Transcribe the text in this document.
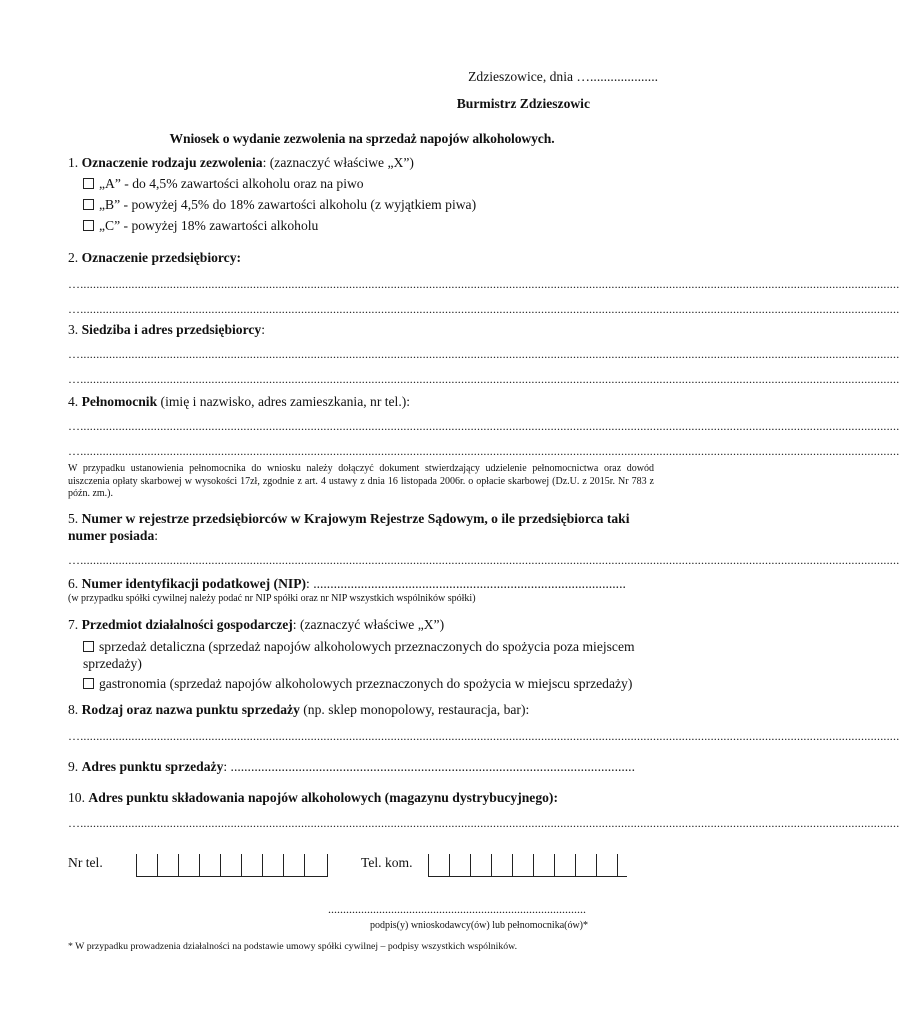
Zdzieszowice, dnia …....................
Burmistrz Zdzieszowic
Wniosek o wydanie zezwolenia na sprzedaż napojów alkoholowych.
1. Oznaczenie rodzaju zezwolenia: (zaznaczyć właściwe „X”)
„A” - do 4,5% zawartości alkoholu oraz na piwo
„B” - powyżej 4,5% do 18% zawartości alkoholu (z wyjątkiem piwa)
„C” - powyżej 18% zawartości alkoholu
2. Oznaczenie przedsiębiorcy:
…................................................................................................................................................................................................................................................................
…................................................................................................................................................................................................................................................................
3. Siedziba i adres przedsiębiorcy:
…................................................................................................................................................................................................................................................................
…................................................................................................................................................................................................................................................................
4. Pełnomocnik (imię i nazwisko, adres zamieszkania, nr tel.):
…................................................................................................................................................................................................................................................................
…................................................................................................................................................................................................................................................................
W przypadku ustanowienia pełnomocnika do wniosku należy dołączyć dokument stwierdzający udzielenie pełnomocnictwa oraz dowód uiszczenia opłaty skarbowej w wysokości 17zł, zgodnie z art. 4 ustawy z dnia 16 listopada 2006r. o opłacie skarbowej (Dz.U. z 2015r. Nr 783 z późn. zm.).
5. Numer w rejestrze przedsiębiorców w Krajowym Rejestrze Sądowym, o ile przedsiębiorca taki numer posiada:
…................................................................................................................................................................................................................................................................
6. Numer identyfikacji podatkowej (NIP): ............................................................................................
(w przypadku spółki cywilnej należy podać nr NIP spółki oraz nr NIP wszystkich wspólników spółki)
7. Przedmiot działalności gospodarczej: (zaznaczyć właściwe „X”)
sprzedaż detaliczna (sprzedaż napojów alkoholowych przeznaczonych do spożycia poza miejscem sprzedaży)
gastronomia (sprzedaż napojów alkoholowych przeznaczonych do spożycia w miejscu sprzedaży)
8. Rodzaj oraz nazwa punktu sprzedaży (np. sklep monopolowy, restauracja, bar):
…................................................................................................................................................................................................................................................................
9. Adres punktu sprzedaży: .......................................................................................................................
10. Adres punktu składowania napojów alkoholowych (magazynu dystrybucyjnego):
…................................................................................................................................................................................................................................................................
Nr tel.	Tel. kom.
......................................................................................
podpis(y) wnioskodawcy(ów) lub pełnomocnika(ów)*
* W przypadku prowadzenia działalności na podstawie umowy spółki cywilnej – podpisy wszystkich wspólników.
